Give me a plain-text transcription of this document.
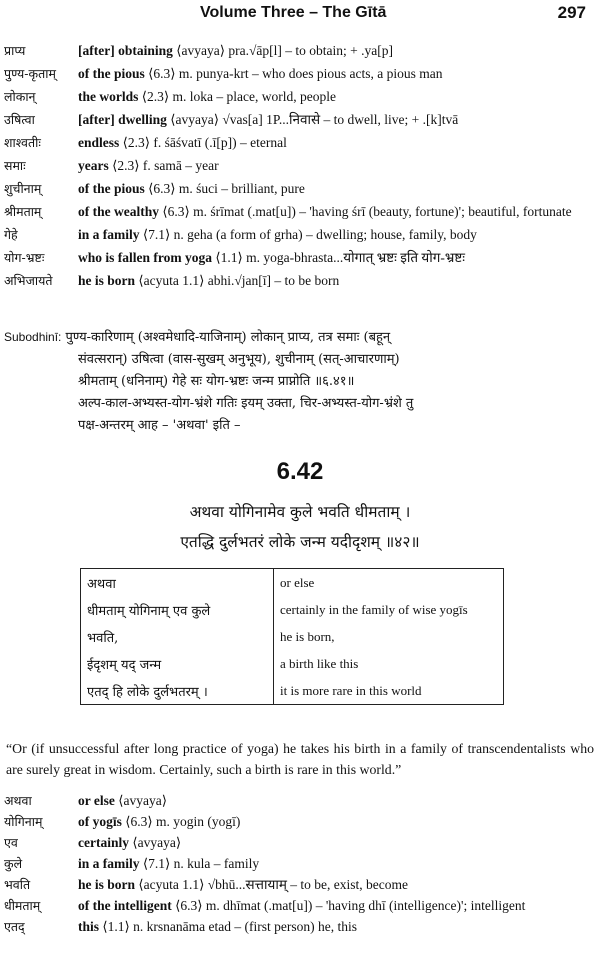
Volume Three – The Gītā	297
प्राप्य	[after] obtaining ⟨avyaya⟩ pra.√āp[l] – to obtain; + .ya[p]
पुण्य-कृताम्	of the pious ⟨6.3⟩ m. punya-krt – who does pious acts, a pious man
लोकान्	the worlds ⟨2.3⟩ m. loka – place, world, people
उषित्वा	[after] dwelling ⟨avyaya⟩ √vas[a] 1P...निवासे – to dwell, live; + .[k]tvā
शाश्वतीः	endless ⟨2.3⟩ f. śāśvatī (.ī[p]) – eternal
समाः	years ⟨2.3⟩ f. samā – year
शुचीनाम्	of the pious ⟨6.3⟩ m. śuci – brilliant, pure
श्रीमताम्	of the wealthy ⟨6.3⟩ m. śrīmat (.mat[u]) – 'having śrī (beauty, fortune)'; beautiful, fortunate
गेहे	in a family ⟨7.1⟩ n. geha (a form of grha) – dwelling; house, family, body
योग-भ्रष्टः	who is fallen from yoga ⟨1.1⟩ m. yoga-bhrasta...योगात् भ्रष्टः इति योग-भ्रष्टः
अभिजायते	he is born ⟨acyuta 1.1⟩ abhi.√jan[ī] – to be born
Subodhinī: पुण्य-कारिणाम् (अश्वमेधादि-याजिनाम्) लोकान् प्राप्य, तत्र समाः (बहून्
संवत्सरान्) उषित्वा (वास-सुखम् अनुभूय), शुचीनाम् (सत्-आचारणाम्)
श्रीमताम् (धनिनाम्) गेहे सः योग-भ्रष्टः जन्म प्राप्नोति ॥६.४१॥
अल्प-काल-अभ्यस्त-योग-भ्रंशे गतिः इयम् उक्ता, चिर-अभ्यस्त-योग-भ्रंशे तु
पक्ष-अन्तरम् आह – 'अथवा' इति –
6.42
अथवा योगिनामेव कुले भवति धीमताम् ।
एतद्धि दुर्लभतरं लोके जन्म यदीदृशम् ॥४२॥
अथवा	or else
धीमताम् योगिनाम् एव कुले	certainly in the family of wise yogīs
भवति,	he is born,
ईदृशम् यद् जन्म	a birth like this
एतद् हि लोके दुर्लभतरम् ।	it is more rare in this world
“Or (if unsuccessful after long practice of yoga) he takes his birth in a family of transcendentalists who are surely great in wisdom. Certainly, such a birth is rare in this world.”
अथवा	or else ⟨avyaya⟩
योगिनाम्	of yogīs ⟨6.3⟩ m. yogin (yogī)
एव	certainly ⟨avyaya⟩
कुले	in a family ⟨7.1⟩ n. kula – family
भवति	he is born ⟨acyuta 1.1⟩ √bhū...सत्तायाम् – to be, exist, become
धीमताम्	of the intelligent ⟨6.3⟩ m. dhīmat (.mat[u]) – 'having dhī (intelligence)'; intelligent
एतद्	this ⟨1.1⟩ n. krsnanāma etad – (first person) he, this
